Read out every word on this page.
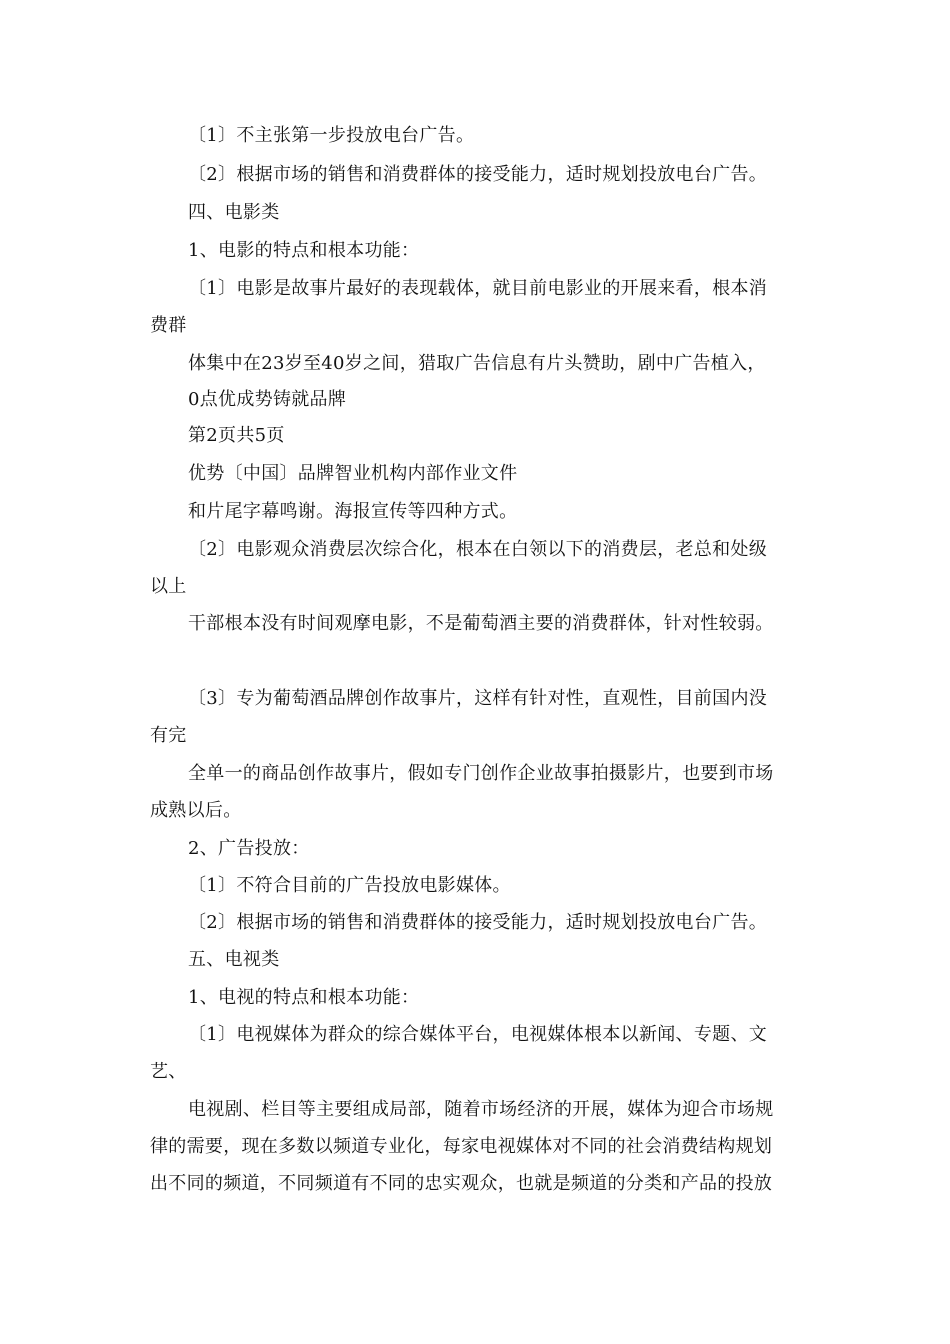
〔1〕不主张第一步投放电台广告。
〔2〕根据市场的销售和消费群体的接受能力，适时规划投放电台广告。
四、电影类
1、电影的特点和根本功能：
〔1〕电影是故事片最好的表现载体，就目前电影业的开展来看，根本消
费群
体集中在23岁至40岁之间，猎取广告信息有片头赞助，剧中广告植入，
0点优成势铸就品牌
第2页共5页
优势〔中国〕品牌智业机构内部作业文件
和片尾字幕鸣谢。海报宣传等四种方式。
〔2〕电影观众消费层次综合化，根本在白领以下的消费层，老总和处级
以上
干部根本没有时间观摩电影，不是葡萄酒主要的消费群体，针对性较弱。
〔3〕专为葡萄酒品牌创作故事片，这样有针对性，直观性，目前国内没
有完
全单一的商品创作故事片，假如专门创作企业故事拍摄影片，也要到市场
成熟以后。
2、广告投放：
〔1〕不符合目前的广告投放电影媒体。
〔2〕根据市场的销售和消费群体的接受能力，适时规划投放电台广告。
五、电视类
1、电视的特点和根本功能：
〔1〕电视媒体为群众的综合媒体平台，电视媒体根本以新闻、专题、文
艺、
电视剧、栏目等主要组成局部，随着市场经济的开展，媒体为迎合市场规
律的需要，现在多数以频道专业化，每家电视媒体对不同的社会消费结构规划
出不同的频道，不同频道有不同的忠实观众，也就是频道的分类和产品的投放
